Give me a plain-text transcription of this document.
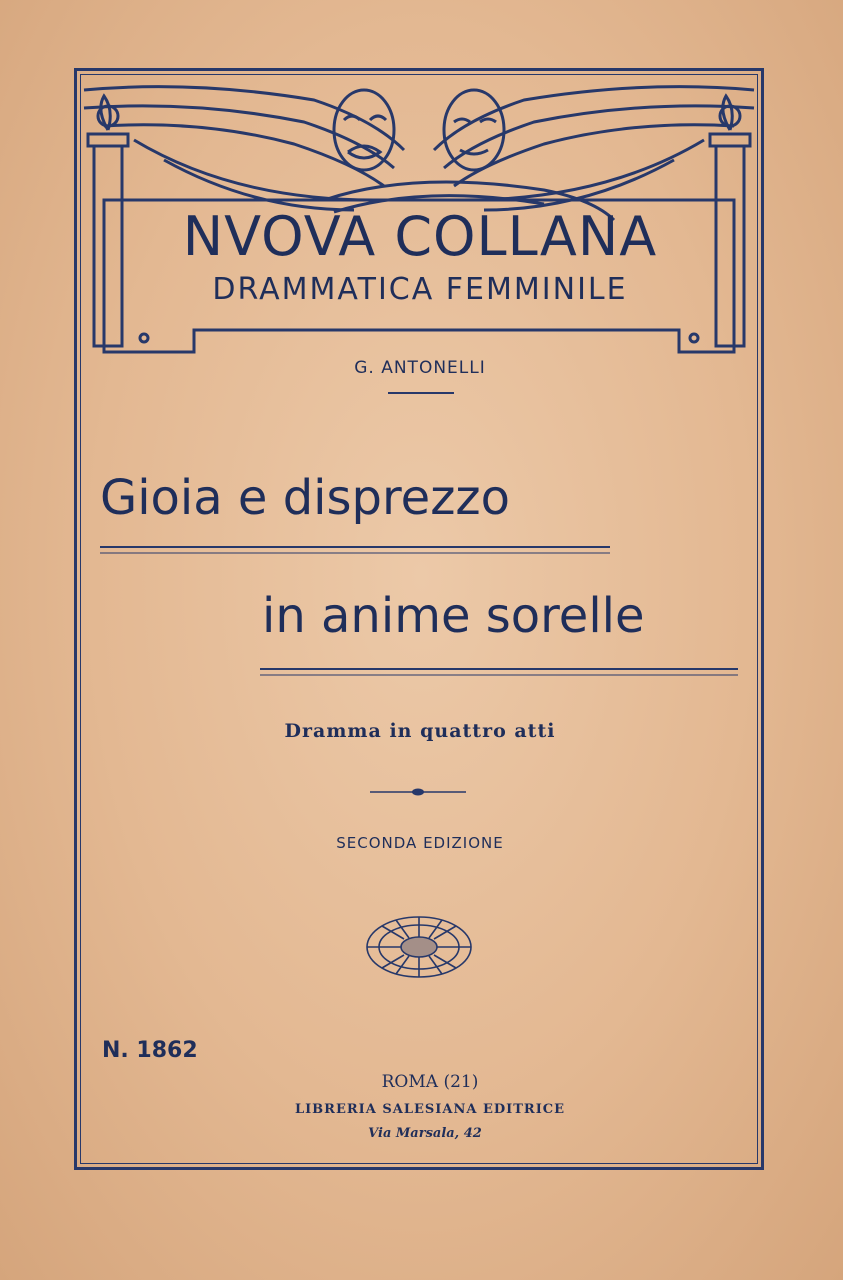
NVOVA COLLANA
DRAMMATICA FEMMINILE
G. ANTONELLI
Gioia e disprezzo
in anime sorelle
Dramma in quattro atti
SECONDA EDIZIONE
N. 1862
ROMA (21)
LIBRERIA SALESIANA EDITRICE
Via Marsala, 42
